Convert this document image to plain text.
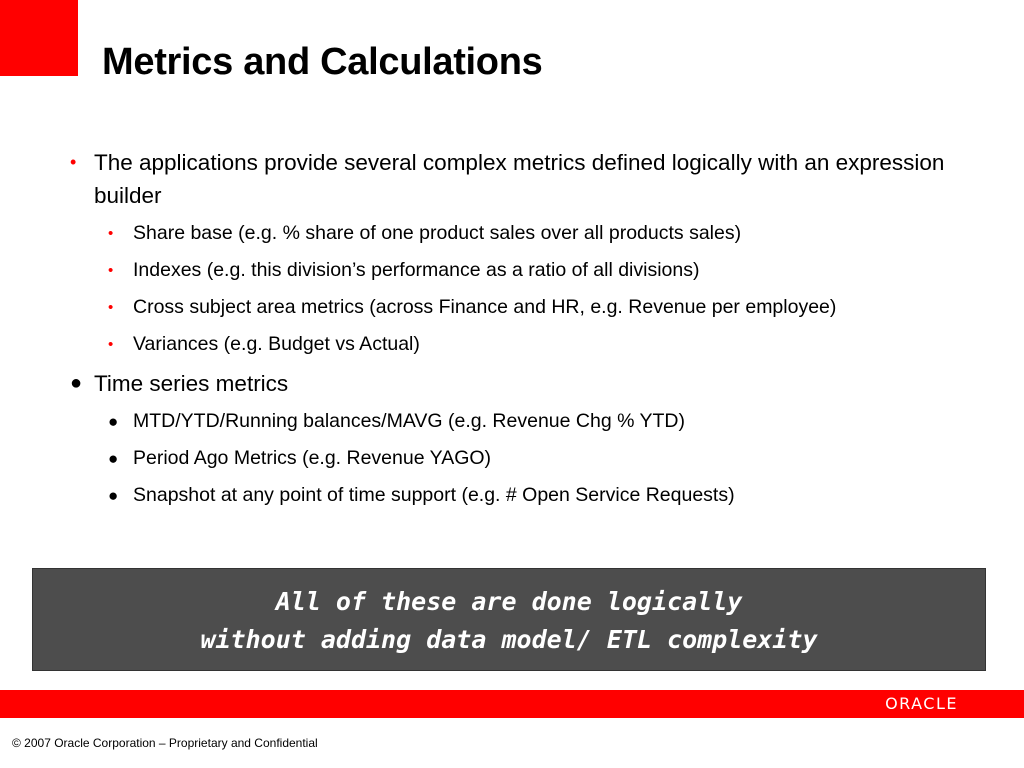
Metrics and Calculations
• The applications provide several complex metrics defined logically with an expression builder
• Share base (e.g. % share of one product sales over all products sales)
• Indexes (e.g. this division’s performance as a ratio of all divisions)
• Cross subject area metrics (across Finance and HR, e.g. Revenue per employee)
• Variances (e.g. Budget vs Actual)
● Time series metrics
● MTD/YTD/Running balances/MAVG (e.g. Revenue Chg % YTD)
● Period Ago Metrics (e.g. Revenue YAGO)
● Snapshot at any point of time support (e.g. # Open Service Requests)
All of these are done logically
without adding data model/ ETL complexity
ORACLE
© 2007 Oracle Corporation – Proprietary and Confidential
